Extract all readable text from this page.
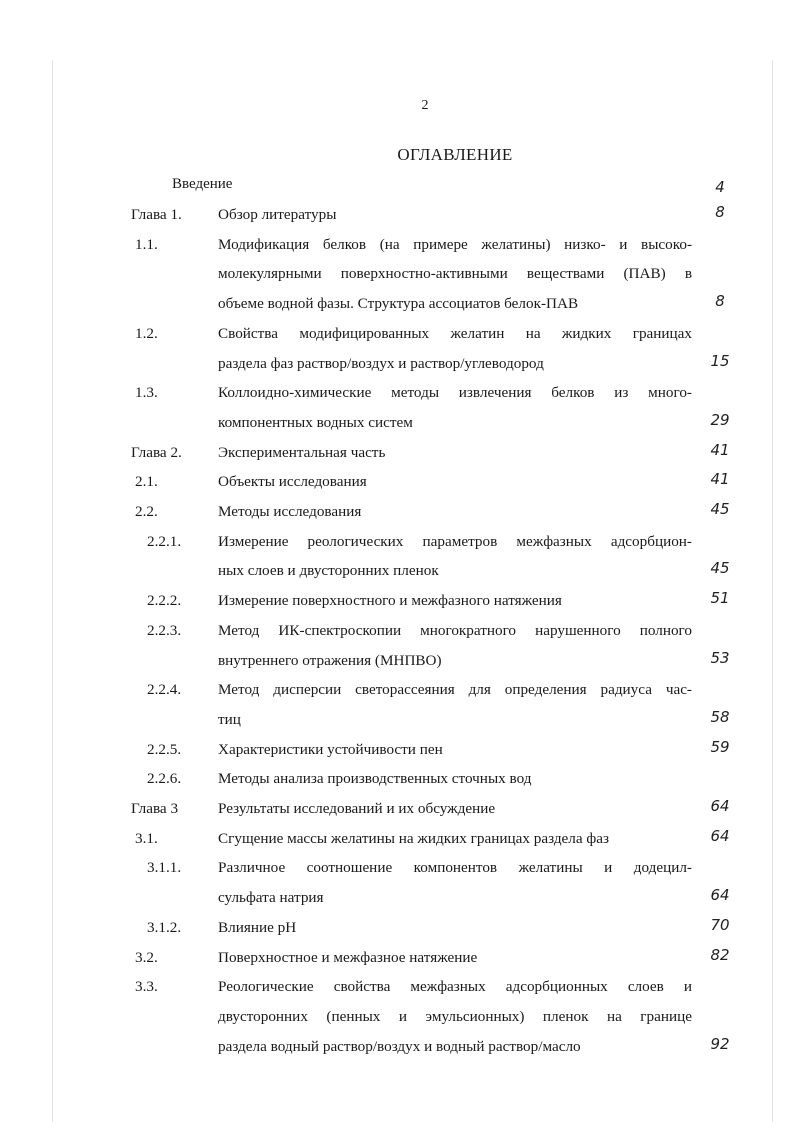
2
ОГЛАВЛЕНИЕ
Введение	4
Глава 1. Обзор литературы	8
1.1.	Модификация белков (на примере желатины) низко- и высоко-
молекулярными поверхностно-активными веществами (ПАВ) в
объеме водной фазы. Структура ассоциатов белок-ПАВ	8
1.2.	Свойства модифицированных желатин на жидких границах
раздела фаз раствор/воздух и раствор/углеводород	15
1.3.	Коллоидно-химические методы извлечения белков из много-
компонентных водных систем	29
Глава 2. Экспериментальная часть	41
2.1.	Объекты исследования	41
2.2.	Методы исследования	45
2.2.1. Измерение реологических параметров межфазных адсорбцион-
ных слоев и двусторонних пленок	45
2.2.2. Измерение поверхностного и межфазного натяжения	51
2.2.3. Метод ИК-спектроскопии многократного нарушенного полного
внутреннего отражения (МНПВО)	53
2.2.4. Метод дисперсии светорассеяния для определения радиуса час-
тиц	58
2.2.5. Характеристики устойчивости пен	59
2.2.6. Методы анализа производственных сточных вод
Глава 3	Результаты исследований и их обсуждение	64
3.1.	Сгущение массы желатины на жидких границах раздела фаз	64
3.1.1. Различное соотношение компонентов желатины и додецил-
сульфата натрия	64
3.1.2. Влияние pH	70
3.2.	Поверхностное и межфазное натяжение	82
3.3.	Реологические свойства межфазных адсорбционных слоев и
двусторонних (пенных и эмульсионных) пленок на границе
раздела водный раствор/воздух и водный раствор/масло	92
